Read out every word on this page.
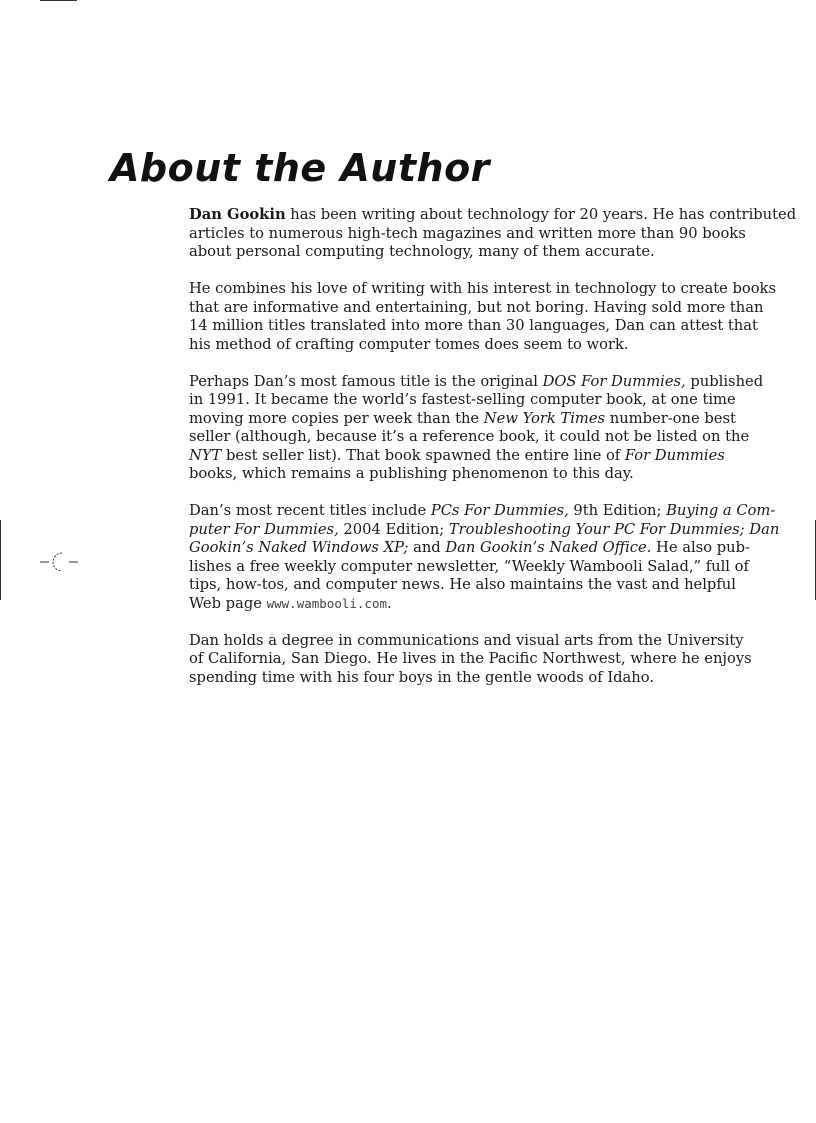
About the Author

Dan Gookin has been writing about technology for 20 years. He has contributed
articles to numerous high-tech magazines and written more than 90 books
about personal computing technology, many of them accurate.

He combines his love of writing with his interest in technology to create books
that are informative and entertaining, but not boring. Having sold more than
14 million titles translated into more than 30 languages, Dan can attest that
his method of crafting computer tomes does seem to work.

Perhaps Dan’s most famous title is the original DOS For Dummies, published
in 1991. It became the world’s fastest-selling computer book, at one time
moving more copies per week than the New York Times number-one best
seller (although, because it’s a reference book, it could not be listed on the
NYT best seller list). That book spawned the entire line of For Dummies
books, which remains a publishing phenomenon to this day.

Dan’s most recent titles include PCs For Dummies, 9th Edition; Buying a Com-
puter For Dummies, 2004 Edition; Troubleshooting Your PC For Dummies; Dan
Gookin’s Naked Windows XP; and Dan Gookin’s Naked Office. He also pub-
lishes a free weekly computer newsletter, “Weekly Wambooli Salad,” full of
tips, how-tos, and computer news. He also maintains the vast and helpful
Web page www.wambooli.com.

Dan holds a degree in communications and visual arts from the University
of California, San Diego. He lives in the Pacific Northwest, where he enjoys
spending time with his four boys in the gentle woods of Idaho.
